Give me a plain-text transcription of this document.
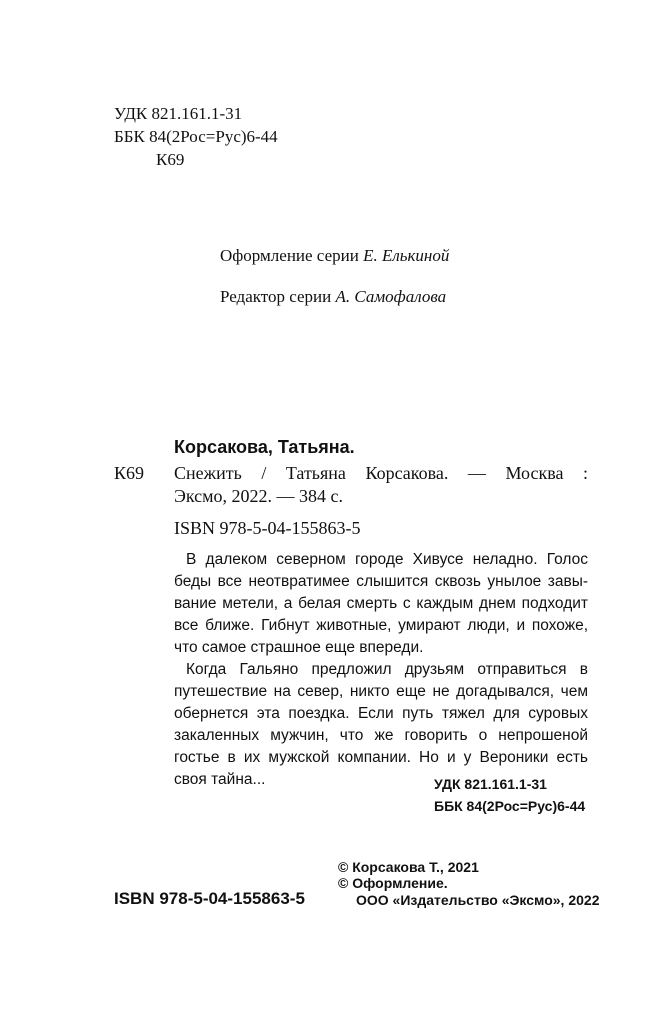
УДК 821.161.1-31
ББК 84(2Рос=Рус)6-44
К69
Оформление серии Е. Елькиной
Редактор серии А. Самофалова
Корсакова, Татьяна.
К69 Снежить / Татьяна Корсакова. — Москва :
Эксмо, 2022. — 384 с.
ISBN 978-5-04-155863-5
В далеком северном городе Хивусе неладно. Голос
беды все неотвратимее слышится сквозь унылое завы-
вание метели, а белая смерть с каждым днем подходит
все ближе. Гибнут животные, умирают люди, и похоже,
что самое страшное еще впереди.
Когда Гальяно предложил друзьям отправиться в
путешествие на север, никто еще не догадывался, чем
обернется эта поездка. Если путь тяжел для суровых
закаленных мужчин, что же говорить о непрошеной
гостье в их мужской компании. Но и у Вероники есть
своя тайна...	УДК 821.161.1-31
ББК 84(2Рос=Рус)6-44
ISBN 978-5-04-155863-5
© Корсакова Т., 2021
© Оформление.
ООО «Издательство «Эксмо», 2022
